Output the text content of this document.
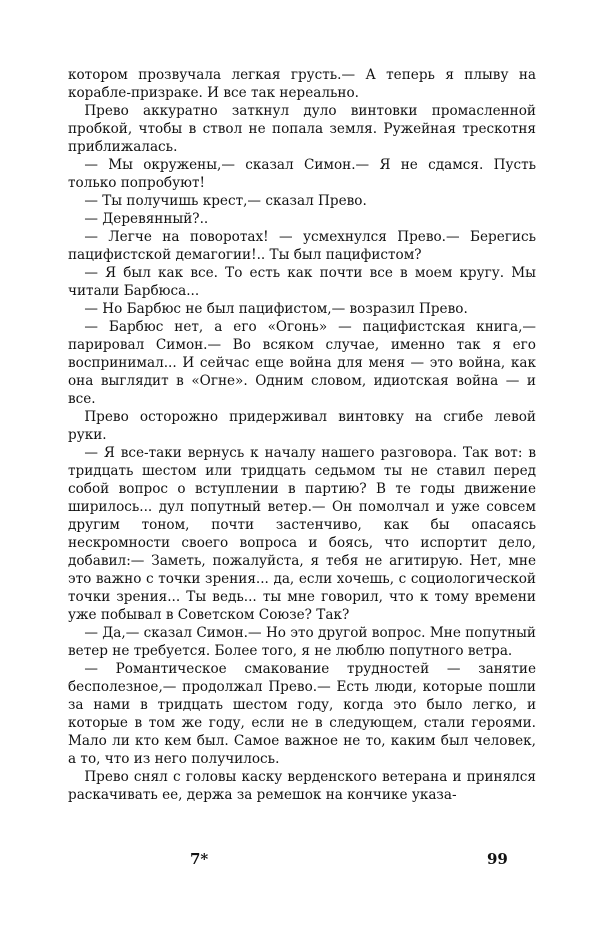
котором прозвучала легкая грусть.— А теперь я плыву на корабле-призраке. И все так нереально.

Прево аккуратно заткнул дуло винтовки промасленной пробкой, чтобы в ствол не попала земля. Ружейная трескотня приближалась.

— Мы окружены,— сказал Симон.— Я не сдамся. Пусть только попробуют!

— Ты получишь крест,— сказал Прево.

— Деревянный?..

— Легче на поворотах! — усмехнулся Прево.— Берегись пацифистской демагогии!.. Ты был пацифистом?

— Я был как все. То есть как почти все в моем кругу. Мы читали Барбюса...

— Но Барбюс не был пацифистом,— возразил Прево.

— Барбюс нет, а его «Огонь» — пацифистская книга,— парировал Симон.— Во всяком случае, именно так я его воспринимал... И сейчас еще война для меня — это война, как она выглядит в «Огне». Одним словом, идиотская война — и все.

Прево осторожно придерживал винтовку на сгибе левой руки.

— Я все-таки вернусь к началу нашего разговора. Так вот: в тридцать шестом или тридцать седьмом ты не ставил перед собой вопрос о вступлении в партию? В те годы движение ширилось... дул попутный ветер.— Он помолчал и уже совсем другим тоном, почти застенчиво, как бы опасаясь нескромности своего вопроса и боясь, что испортит дело, добавил:— Заметь, пожалуйста, я тебя не агитирую. Нет, мне это важно с точки зрения... да, если хочешь, с социологической точки зрения... Ты ведь... ты мне говорил, что к тому времени уже побывал в Советском Союзе? Так?

— Да,— сказал Симон.— Но это другой вопрос. Мне попутный ветер не требуется. Более того, я не люблю попутного ветра.

— Романтическое смакование трудностей — занятие бесполезное,— продолжал Прево.— Есть люди, которые пошли за нами в тридцать шестом году, когда это было легко, и которые в том же году, если не в следующем, стали героями. Мало ли кто кем был. Самое важное не то, каким был человек, а то, что из него получилось.

Прево снял с головы каску верденского ветерана и принялся раскачивать ее, держа за ремешок на кончике указа-

7*	99
